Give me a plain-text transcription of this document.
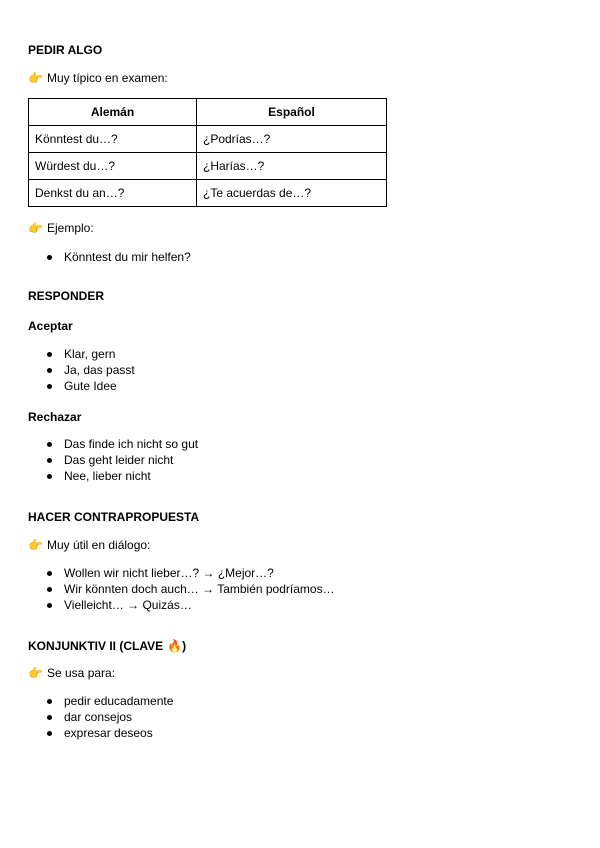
PEDIR ALGO
👉 Muy típico en examen:
Alemán	Español
Könntest du…?	¿Podrías…?
Würdest du…?	¿Harías…?
Denkst du an…?	¿Te acuerdas de…?
👉 Ejemplo:
Könntest du mir helfen?
RESPONDER
Aceptar
Klar, gern
Ja, das passt
Gute Idee
Rechazar
Das finde ich nicht so gut
Das geht leider nicht
Nee, lieber nicht
HACER CONTRAPROPUESTA
👉 Muy útil en diálogo:
Wollen wir nicht lieber…? → ¿Mejor…?
Wir könnten doch auch… → También podríamos…
Vielleicht… → Quizás…
KONJUNKTIV II (CLAVE 🔥 )
👉 Se usa para:
pedir educadamente
dar consejos
expresar deseos
